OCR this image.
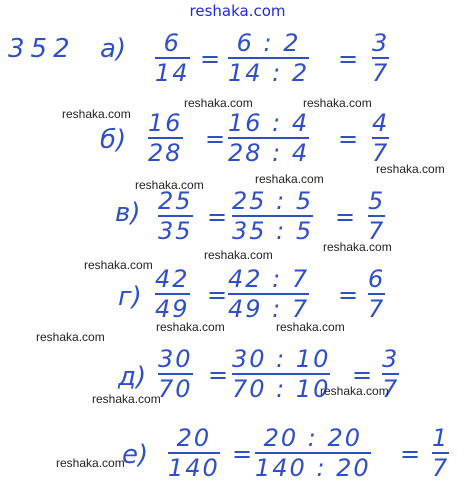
reshaka.com
352 а) 6
14 =
6 : 2
14 : 2 =
3
7
б)
16
28 =
16 : 4
28 : 4 =
4
7
в) 25
35 =
25 : 5
35 : 5 =
5
7
г)
42
49 =
42 : 7
49 : 7 =
6
7
д)
30
70 =
30 : 10
70 : 10 =
3
7
е)
20
140 =
20 : 20
140 : 20 =
1
7
reshaka.com
reshaka.com	reshaka.com
reshaka.com
reshaka.com	reshaka.com
reshaka.com
reshaka.com
reshaka.com
reshaka.com
reshaka.com	reshaka.com
reshaka.com
reshaka.com
reshaka.com
